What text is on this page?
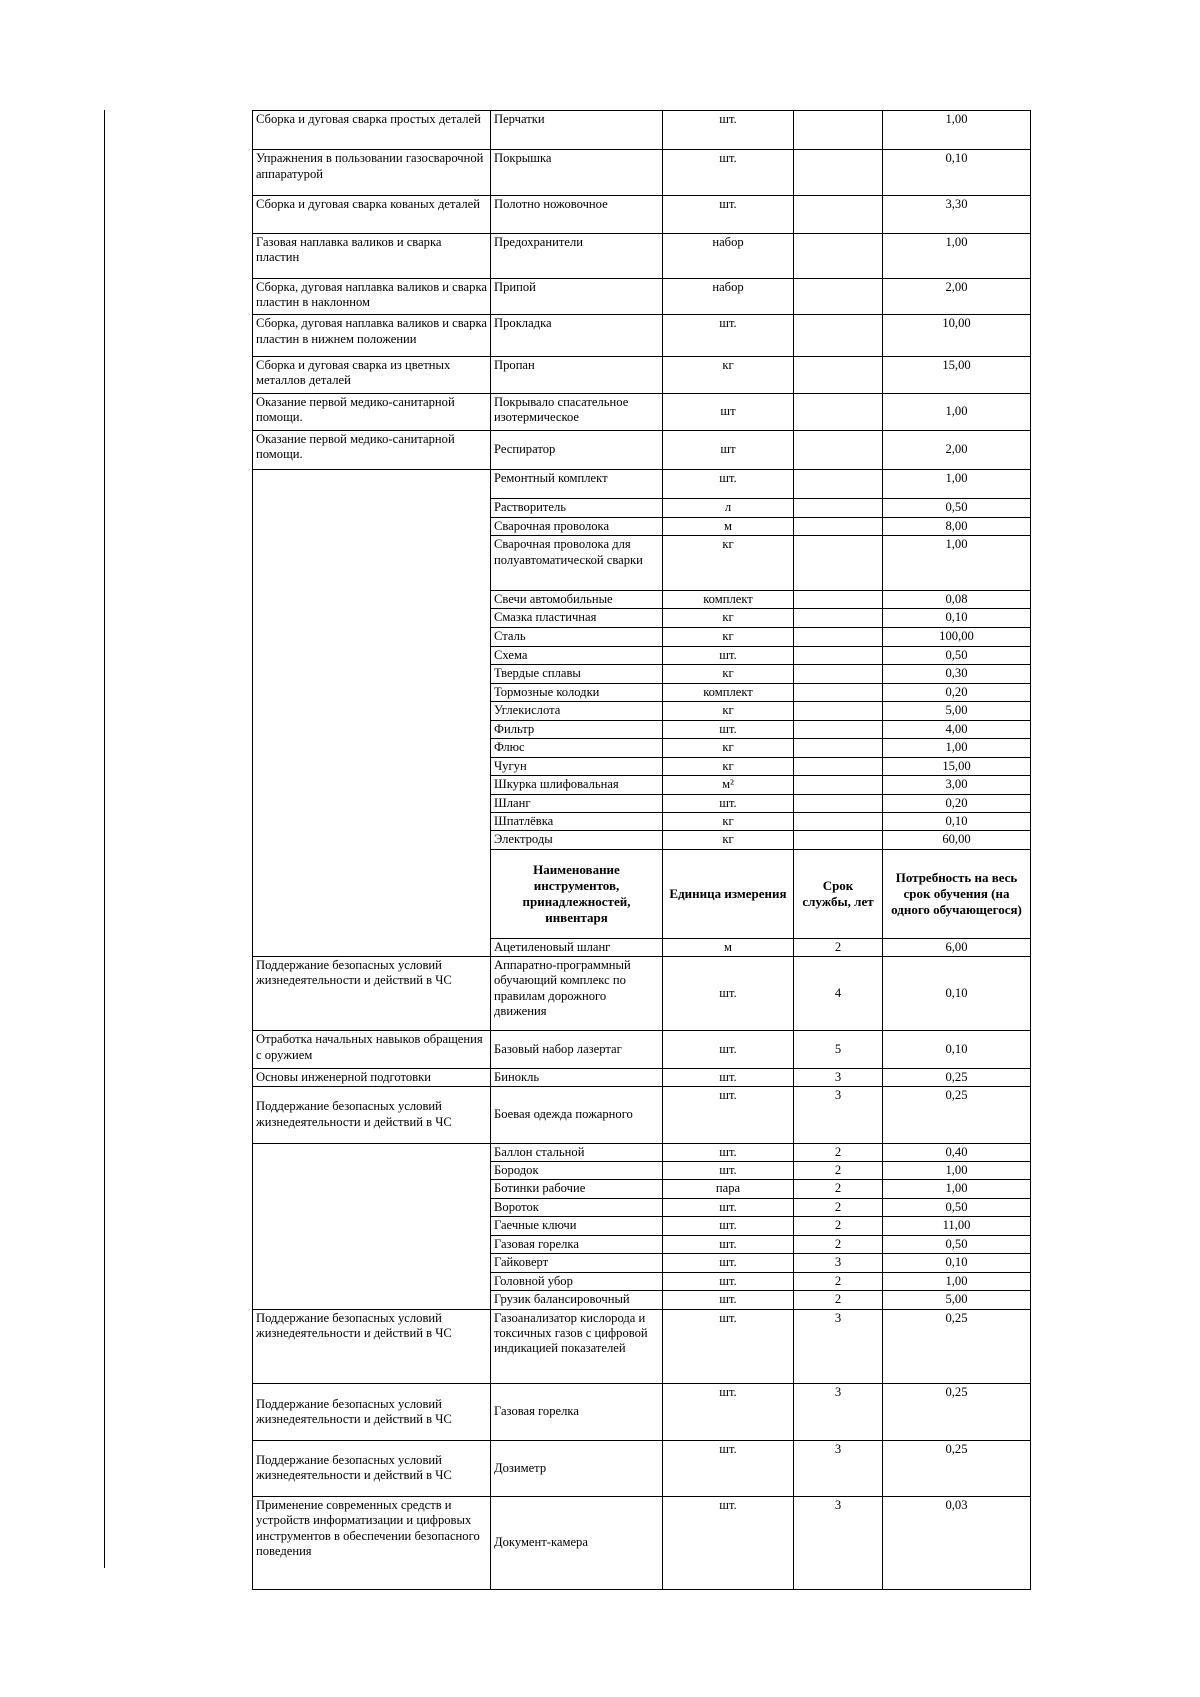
Сборка и дуговая сварка простых деталей	Перчатки	шт.		1,00
Упражнения в пользовании газосварочной аппаратурой	Покрышка	шт.		0,10
Сборка и дуговая сварка кованых деталей	Полотно ножовочное	шт.		3,30
Газовая наплавка валиков и сварка пластин	Предохранители	набор		1,00
Сборка, дуговая наплавка валиков и сварка пластин в наклонном	Припой	набор		2,00
Сборка, дуговая наплавка валиков и сварка пластин в нижнем положении	Прокладка	шт.		10,00
Сборка и дуговая сварка из цветных металлов деталей	Пропан	кг		15,00
Оказание первой медико-санитарной помощи.	Покрывало спасательное изотермическое	шт		1,00
Оказание первой медико-санитарной помощи.	Респиратор	шт		2,00
	Ремонтный комплект	шт.		1,00
	Растворитель	л		0,50
	Сварочная проволока	м		8,00
	Сварочная проволока для полуавтоматической сварки	кг		1,00
	Свечи автомобильные	комплект		0,08
	Смазка пластичная	кг		0,10
	Сталь	кг		100,00
	Схема	шт.		0,50
	Твердые сплавы	кг		0,30
	Тормозные колодки	комплект		0,20
	Углекислота	кг		5,00
	Фильтр	шт.		4,00
	Флюс	кг		1,00
	Чугун	кг		15,00
	Шкурка шлифовальная	м²		3,00
	Шланг	шт.		0,20
	Шпатлёвка	кг		0,10
	Электроды	кг		60,00
	Наименование инструментов, принадлежностей, инвентаря	Единица измерения	Срок службы, лет	Потребность на весь срок обучения (на одного обучающегося)
	Ацетиленовый шланг	м	2	6,00
Поддержание безопасных условий жизнедеятельности и действий в ЧС	Аппаратно-программный обучающий комплекс по правилам дорожного движения	шт.	4	0,10
Отработка начальных навыков обращения с оружием	Базовый набор лазертаг	шт.	5	0,10
Основы инженерной подготовки	Бинокль	шт.	3	0,25
Поддержание безопасных условий жизнедеятельности и действий в ЧС	Боевая одежда пожарного	шт.	3	0,25
	Баллон стальной	шт.	2	0,40
	Бородок	шт.	2	1,00
	Ботинки рабочие	пара	2	1,00
	Вороток	шт.	2	0,50
	Гаечные ключи	шт.	2	11,00
	Газовая горелка	шт.	2	0,50
	Гайковерт	шт.	3	0,10
	Головной убор	шт.	2	1,00
	Грузик балансировочный	шт.	2	5,00
Поддержание безопасных условий жизнедеятельности и действий в ЧС	Газоанализатор кислорода и токсичных газов с цифровой индикацией показателей	шт.	3	0,25
Поддержание безопасных условий жизнедеятельности и действий в ЧС	Газовая горелка	шт.	3	0,25
Поддержание безопасных условий жизнедеятельности и действий в ЧС	Дозиметр	шт.	3	0,25
Применение современных средств и устройств информатизации и цифровых инструментов в обеспечении безопасного поведения	Документ-камера	шт.	3	0,03
